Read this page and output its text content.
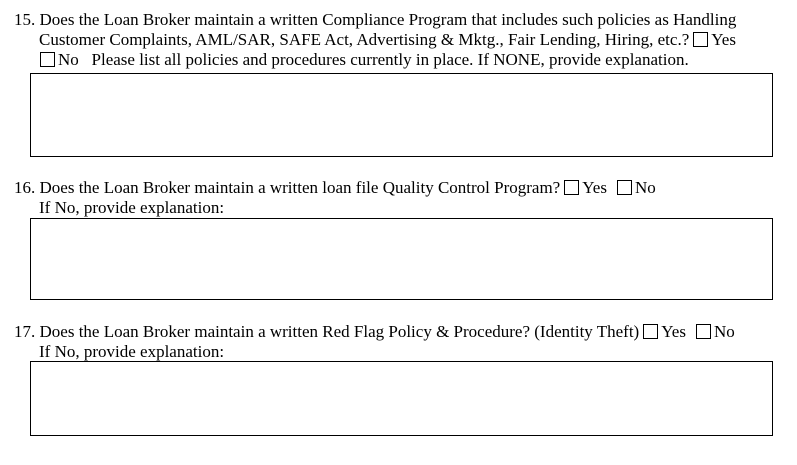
15. Does the Loan Broker maintain a written Compliance Program that includes such policies as Handling
Customer Complaints, AML/SAR, SAFE Act, Advertising & Mktg., Fair Lending, Hiring, etc.? Yes
No Please list all policies and procedures currently in place. If NONE, provide explanation.
16. Does the Loan Broker maintain a written loan file Quality Control Program? Yes No
If No, provide explanation:
17. Does the Loan Broker maintain a written Red Flag Policy & Procedure? (Identity Theft) Yes No
If No, provide explanation:
